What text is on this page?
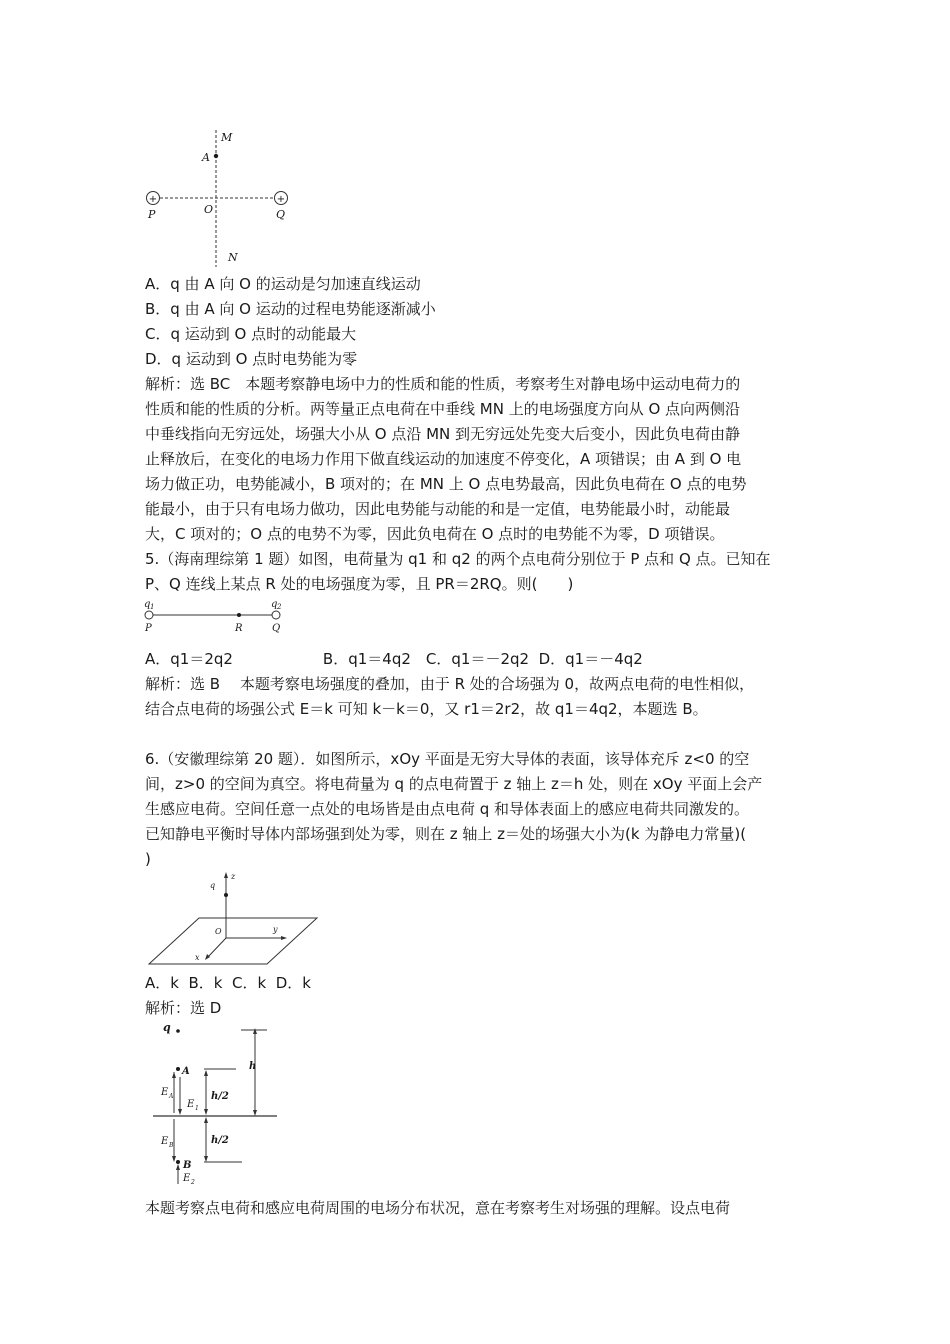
+	+
M
A
O
P	Q
N
A．q 由 A 向 O 的运动是匀加速直线运动
B．q 由 A 向 O 运动的过程电势能逐渐减小
C．q 运动到 O 点时的动能最大
D．q 运动到 O 点时电势能为零
解析：选 BC　本题考察静电场中力的性质和能的性质，考察考生对静电场中运动电荷力的
性质和能的性质的分析。两等量正点电荷在中垂线 MN 上的电场强度方向从 O 点向两侧沿
中垂线指向无穷远处，场强大小从 O 点沿 MN 到无穷远处先变大后变小，因此负电荷由静
止释放后，在变化的电场力作用下做直线运动的加速度不停变化，A 项错误；由 A 到 O 电
场力做正功，电势能减小，B 项对的；在 MN 上 O 点电势最高，因此负电荷在 O 点的电势
能最小，由于只有电场力做功，因此电势能与动能的和是一定值，电势能最小时，动能最
大，C 项对的；O 点的电势不为零，因此负电荷在 O 点时的电势能不为零，D 项错误。
5.（海南理综第 1 题）如图，电荷量为 q1 和 q2 的两个点电荷分别位于 P 点和 Q 点。已知在
P、Q 连线上某点 R 处的电场强度为零，且 PR＝2RQ。则(　　)
q 1	q 2
P	R	Q
A．q1＝2q2　　　　　　B．q1＝4q2　C．q1＝－2q2  D．q1＝－4q2
解析：选 B　 本题考察电场强度的叠加，由于 R 处的合场强为 0，故两点电荷的电性相似，
结合点电荷的场强公式 E＝k 可知 k－k＝0，又 r1＝2r2，故 q1＝4q2，本题选 B。
6.（安徽理综第 20 题）．如图所示，xOy 平面是无穷大导体的表面，该导体充斥 z<0 的空
间，z>0 的空间为真空。将电荷量为 q 的点电荷置于 z 轴上 z＝h 处，则在 xOy 平面上会产
生感应电荷。空间任意一点处的电场皆是由点电荷 q 和导体表面上的感应电荷共同激发的。
已知静电平衡时导体内部场强到处为零，则在 z 轴上 z＝处的场强大小为(k 为静电力常量)(
)
q
z
O	y
x
A．k  B．k  C．k  D．k
解析：选 D
q
h
A
E A
E 1
h/2
h/2
E B
B
E 2
本题考察点电荷和感应电荷周围的电场分布状况，意在考察考生对场强的理解。设点电荷
